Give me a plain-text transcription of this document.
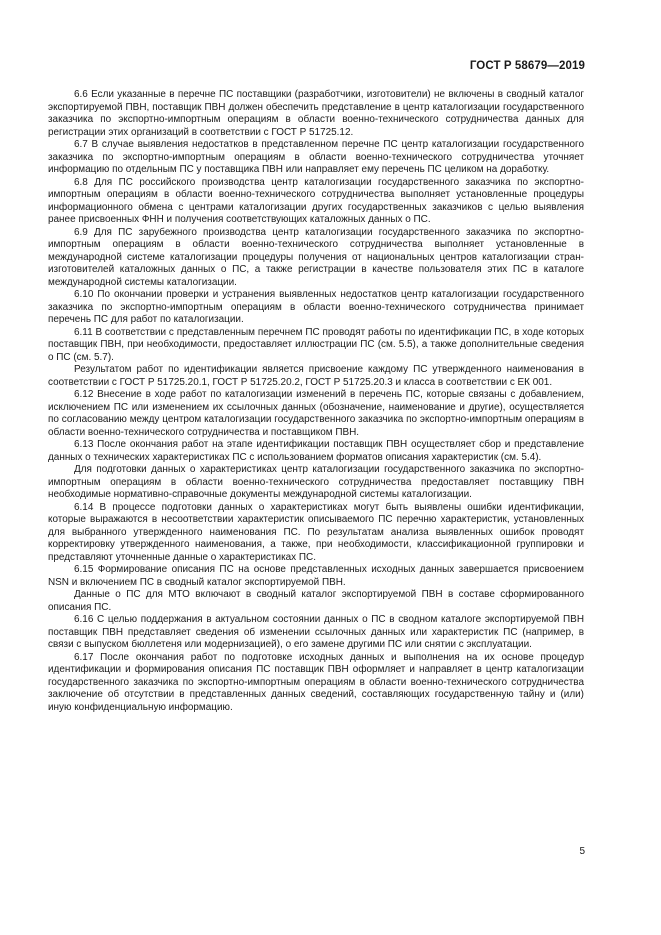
ГОСТ Р 58679—2019

6.6 Если указанные в перечне ПС поставщики (разработчики, изготовители) не включены в сводный каталог экспортируемой ПВН, поставщик ПВН должен обеспечить представление в центр каталогизации государственного заказчика по экспортно-импортным операциям в области военно-технического сотрудничества данных для регистрации этих организаций в соответствии с ГОСТ Р 51725.12.

6.7 В случае выявления недостатков в представленном перечне ПС центр каталогизации государственного заказчика по экспортно-импортным операциям в области военно-технического сотрудничества уточняет информацию по отдельным ПС у поставщика ПВН или направляет ему перечень ПС целиком на доработку.

6.8 Для ПС российского производства центр каталогизации государственного заказчика по экспортно-импортным операциям в области военно-технического сотрудничества выполняет установленные процедуры информационного обмена с центрами каталогизации других государственных заказчиков с целью выявления ранее присвоенных ФНН и получения соответствующих каталожных данных о ПС.

6.9 Для ПС зарубежного производства центр каталогизации государственного заказчика по экспортно-импортным операциям в области военно-технического сотрудничества выполняет установленные в международной системе каталогизации процедуры получения от национальных центров каталогизации стран-изготовителей каталожных данных о ПС, а также регистрации в качестве пользователя этих ПС в каталоге международной системы каталогизации.

6.10 По окончании проверки и устранения выявленных недостатков центр каталогизации государственного заказчика по экспортно-импортным операциям в области военно-технического сотрудничества принимает перечень ПС для работ по каталогизации.

6.11 В соответствии с представленным перечнем ПС проводят работы по идентификации ПС, в ходе которых поставщик ПВН, при необходимости, предоставляет иллюстрации ПС (см. 5.5), а также дополнительные сведения о ПС (см. 5.7).

Результатом работ по идентификации является присвоение каждому ПС утвержденного наименования в соответствии с ГОСТ Р 51725.20.1, ГОСТ Р 51725.20.2, ГОСТ Р 51725.20.3 и класса в соответствии с ЕК 001.

6.12 Внесение в ходе работ по каталогизации изменений в перечень ПС, которые связаны с добавлением, исключением ПС или изменением их ссылочных данных (обозначение, наименование и другие), осуществляется по согласованию между центром каталогизации государственного заказчика по экспортно-импортным операциям в области военно-технического сотрудничества и поставщиком ПВН.

6.13 После окончания работ на этапе идентификации поставщик ПВН осуществляет сбор и представление данных о технических характеристиках ПС с использованием форматов описания характеристик (см. 5.4).

Для подготовки данных о характеристиках центр каталогизации государственного заказчика по экспортно-импортным операциям в области военно-технического сотрудничества предоставляет поставщику ПВН необходимые нормативно-справочные документы международной системы каталогизации.

6.14 В процессе подготовки данных о характеристиках могут быть выявлены ошибки идентификации, которые выражаются в несоответствии характеристик описываемого ПС перечню характеристик, установленных для выбранного утвержденного наименования ПС. По результатам анализа выявленных ошибок проводят корректировку утвержденного наименования, а также, при необходимости, классификационной группировки и представляют уточненные данные о характеристиках ПС.

6.15 Формирование описания ПС на основе представленных исходных данных завершается присвоением NSN и включением ПС в сводный каталог экспортируемой ПВН.

Данные о ПС для МТО включают в сводный каталог экспортируемой ПВН в составе сформированного описания ПС.

6.16 С целью поддержания в актуальном состоянии данных о ПС в сводном каталоге экспортируемой ПВН поставщик ПВН представляет сведения об изменении ссылочных данных или характеристик ПС (например, в связи с выпуском бюллетеня или модернизацией), о его замене другими ПС или снятии с эксплуатации.

6.17 После окончания работ по подготовке исходных данных и выполнения на их основе процедур идентификации и формирования описания ПС поставщик ПВН оформляет и направляет в центр каталогизации государственного заказчика по экспортно-импортным операциям в области военно-технического сотрудничества заключение об отсутствии в представленных данных сведений, составляющих государственную тайну и (или) иную конфиденциальную информацию.

5
